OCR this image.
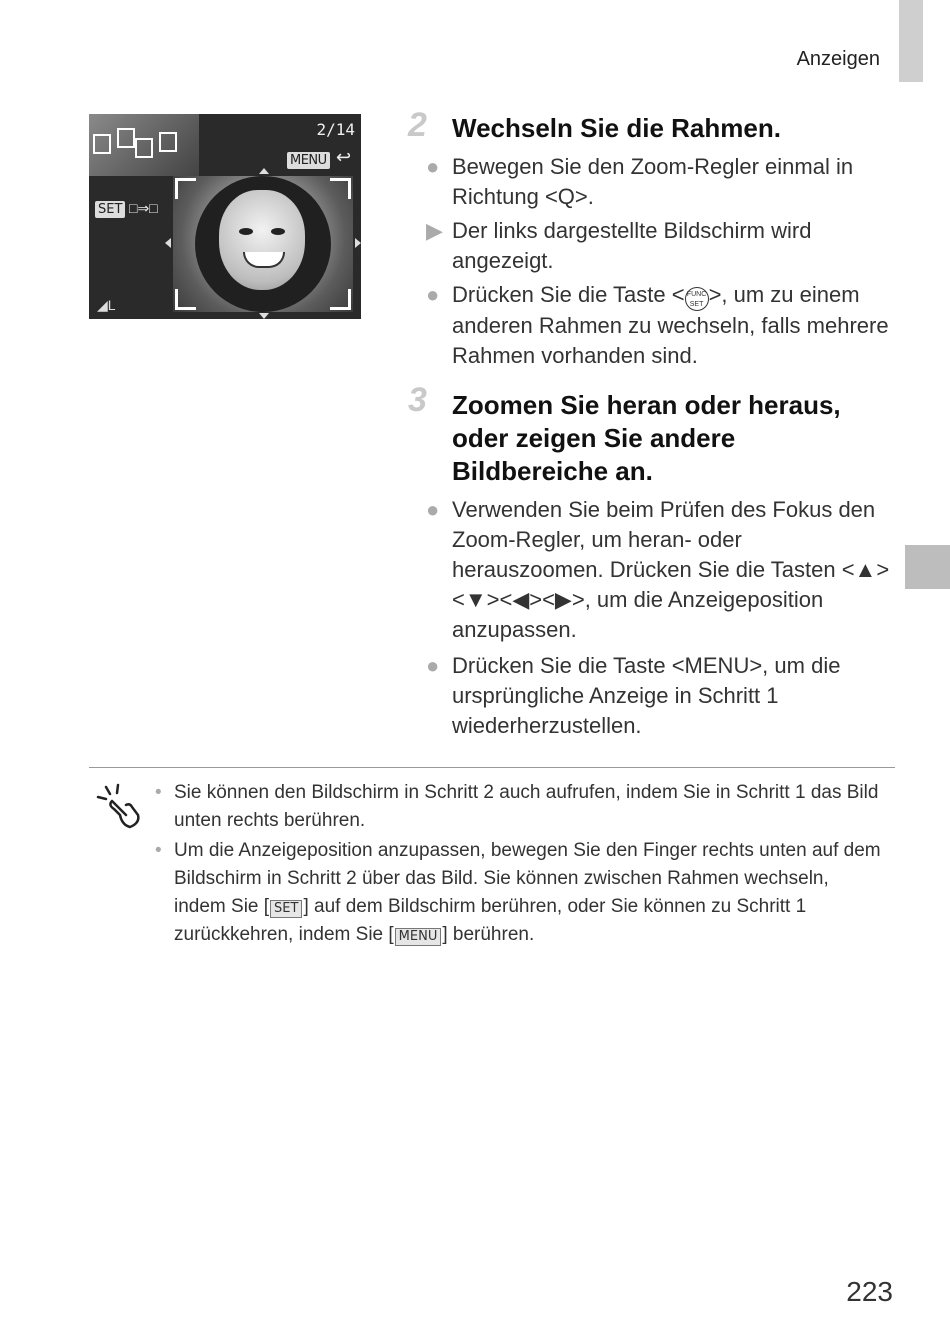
Anzeigen
2/14
MENU ↩
SET □⇒□
◢L
2 Wechseln Sie die Rahmen.
● Bewegen Sie den Zoom-Regler einmal in Richtung <Q>.
▶ Der links dargestellte Bildschirm wird angezeigt.
● Drücken Sie die Taste < FUNC
SET >, um zu einem anderen Rahmen zu wechseln, falls mehrere Rahmen vorhanden sind.
3 Zoomen Sie heran oder heraus, oder zeigen Sie andere Bildbereiche an.
● Verwenden Sie beim Prüfen des Fokus den Zoom-Regler, um heran- oder herauszoomen. Drücken Sie die Tasten <▲><▼><◀><▶>, um die Anzeigeposition anzupassen.
● Drücken Sie die Taste <MENU>, um die ursprüngliche Anzeige in Schritt 1 wiederherzustellen.
• Sie können den Bildschirm in Schritt 2 auch aufrufen, indem Sie in Schritt 1 das Bild unten rechts berühren.
• Um die Anzeigeposition anzupassen, bewegen Sie den Finger rechts unten auf dem Bildschirm in Schritt 2 über das Bild. Sie können zwischen Rahmen wechseln, indem Sie [ SET ] auf dem Bildschirm berühren, oder Sie können zu Schritt 1 zurückkehren, indem Sie [ MENU ] berühren.
223
